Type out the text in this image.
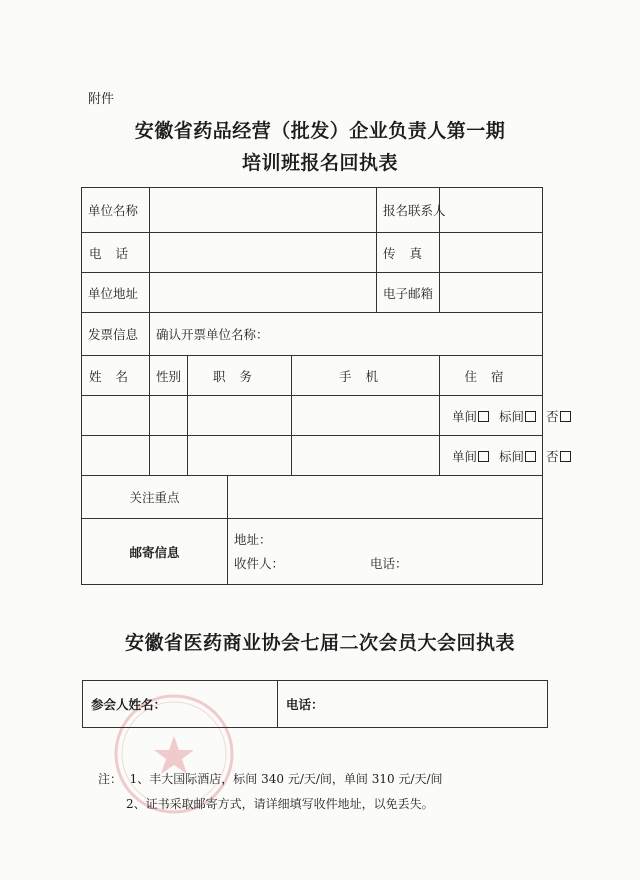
附件
安徽省药品经营（批发）企业负责人第一期
培训班报名回执表
单位名称					报名联系人	
电话					传真	
单位地址					电子邮箱	
发票信息	确认开票单位名称：					
姓名	性别	职务		手机		住宿
						单间 标间 否
						单间 标间 否
关注重点						
邮寄信息			地址：
收件人： 电话：			
安徽省医药商业协会七届二次会员大会回执表
参会人姓名：	电话：
注： 1、丰大国际酒店，标间 340 元/天/间，单间 310 元/天/间
2、证书采取邮寄方式，请详细填写收件地址，以免丢失。
